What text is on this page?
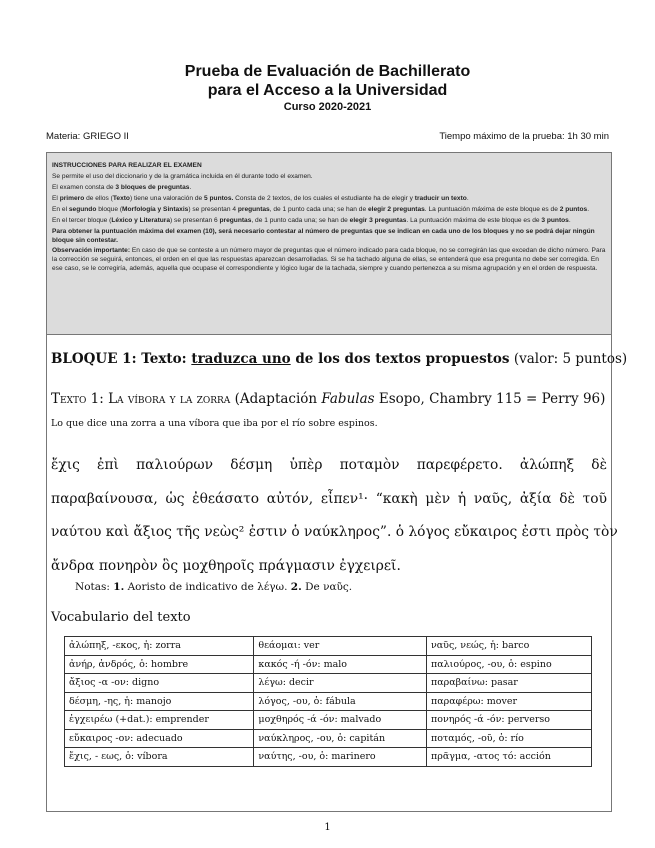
Prueba de Evaluación de Bachillerato
para el Acceso a la Universidad
Curso 2020-2021
Materia: GRIEGO II	Tiempo máximo de la prueba: 1h 30 min

INSTRUCCIONES PARA REALIZAR EL EXAMEN

Se permite el uso del diccionario y de la gramática incluida en él durante todo el examen.

El examen consta de 3 bloques de preguntas.

El primero de ellos (Texto) tiene una valoración de 5 puntos. Consta de 2 textos, de los cuales el estudiante ha de elegir y traducir un texto.

En el segundo bloque (Morfología y Sintaxis) se presentan 4 preguntas, de 1 punto cada una; se han de elegir 2 preguntas. La puntuación máxima de este bloque es de 2 puntos.

En el tercer bloque (Léxico y Literatura) se presentan 6 preguntas, de 1 punto cada una; se han de elegir 3 preguntas. La puntuación máxima de este bloque es de 3 puntos.

Para obtener la puntuación máxima del examen (10), será necesario contestar al número de preguntas que se indican en cada uno de los bloques y no se podrá dejar ningún bloque sin contestar.

Observación importante: En caso de que se conteste a un número mayor de preguntas que el número indicado para cada bloque, no se corregirán las que excedan de dicho número. Para la corrección se seguirá, entonces, el orden en el que las respuestas aparezcan desarrolladas. Si se ha tachado alguna de ellas, se entenderá que esa pregunta no debe ser corregida. En ese caso, se le corregiría, además, aquella que ocupase el correspondiente y lógico lugar de la tachada, siempre y cuando pertenezca a su misma agrupación y en el orden de respuesta.

BLOQUE 1: Texto: traduzca uno de los dos textos propuestos (valor: 5 puntos)
Texto 1: La víbora y la zorra (Adaptación Fabulas Esopo, Chambry 115 = Perry 96)
Lo que dice una zorra a una víbora que iba por el río sobre espinos.
ἔχις ἐπὶ παλιούρων δέσμη ὑπὲρ ποταμὸν παρεφέρετο. ἀλώπηξ δὲ
παραβαίνουσα, ὡς ἐθεάσατο αὐτόν, εἶπεν¹· “κακὴ μὲν ἡ ναῦς, ἀξία δὲ τοῦ
ναύτου καὶ ἄξιος τῆς νεὼς² ἐστιν ὁ ναύκληρος”. ὁ λόγος εὔκαιρος ἐστι πρὸς τὸν
ἄνδρα πονηρὸν ὃς μοχθηροῖς πράγμασιν ἐγχειρεῖ.
Notas: 1. Aoristo de indicativo de λέγω. 2. De ναῦς.
Vocabulario del texto
ἀλώπηξ, -εκος, ἡ: zorra	θεάομαι: ver	ναῦς, νεώς, ἡ: barco
ἀνήρ, ἀνδρός, ὁ: hombre	κακός -ή -όν: malo	παλιούρος, -ου, ὁ: espino
ἄξιος -α -ον: digno	λέγω: decir	παραβαίνω: pasar
δέσμη, -ης, ἡ: manojo	λόγος, -ου, ὁ: fábula	παραφέρω: mover
ἐγχειρέω (+dat.): emprender	μοχθηρός -ά -όν: malvado	πονηρός -ά -όν: perverso
εὔκαιρος -ον: adecuado	ναύκληρος, -ου, ὁ: capitán	ποταμός, -οῦ, ὁ: río
ἔχις, - εως, ὁ: víbora	ναύτης, -ου, ὁ: marinero	πρᾶγμα, -ατος τό: acción
1
